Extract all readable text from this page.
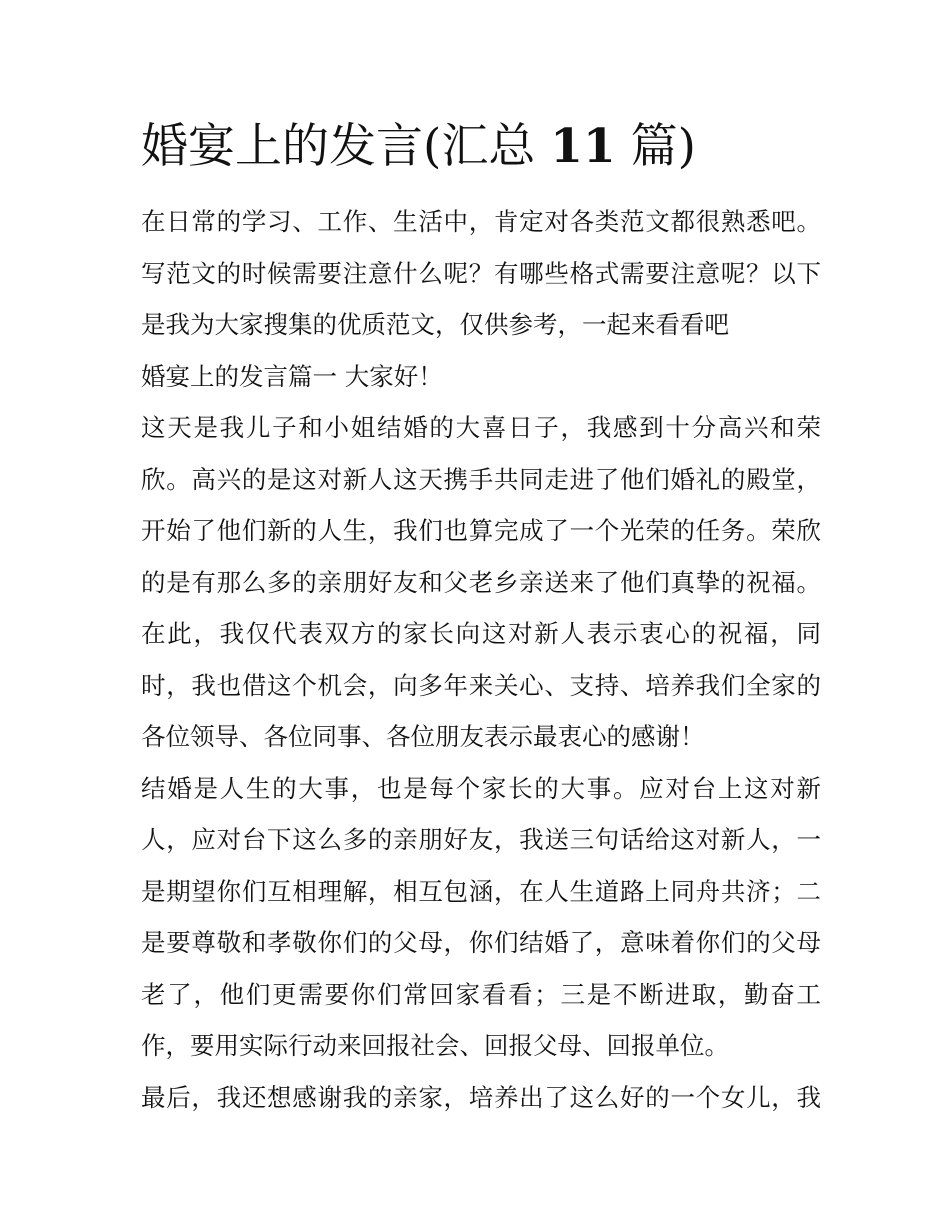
婚宴上的发言(汇总 11 篇)
在日常的学习、工作、生活中，肯定对各类范文都很熟悉吧。
写范文的时候需要注意什么呢？有哪些格式需要注意呢？以下
是我为大家搜集的优质范文，仅供参考，一起来看看吧
婚宴上的发言篇一 大家好！
这天是我儿子和小姐结婚的大喜日子，我感到十分高兴和荣
欣。高兴的是这对新人这天携手共同走进了他们婚礼的殿堂，
开始了他们新的人生，我们也算完成了一个光荣的任务。荣欣
的是有那么多的亲朋好友和父老乡亲送来了他们真挚的祝福。
在此，我仅代表双方的家长向这对新人表示衷心的祝福，同
时，我也借这个机会，向多年来关心、支持、培养我们全家的
各位领导、各位同事、各位朋友表示最衷心的感谢！
结婚是人生的大事，也是每个家长的大事。应对台上这对新
人，应对台下这么多的亲朋好友，我送三句话给这对新人，一
是期望你们互相理解，相互包涵，在人生道路上同舟共济；二
是要尊敬和孝敬你们的父母，你们结婚了，意味着你们的父母
老了，他们更需要你们常回家看看；三是不断进取，勤奋工
作，要用实际行动来回报社会、回报父母、回报单位。
最后，我还想感谢我的亲家，培养出了这么好的一个女儿，我
